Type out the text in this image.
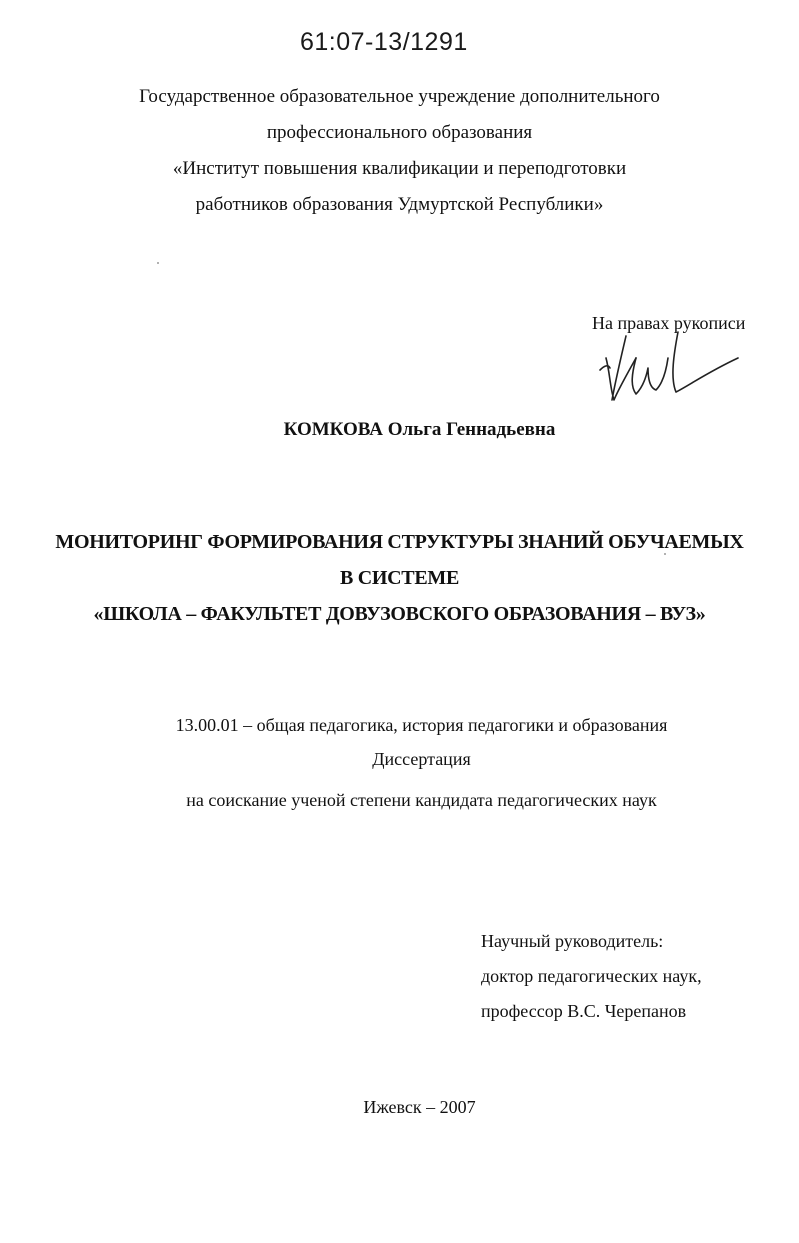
61:07-13/1291
Государственное образовательное учреждение дополнительного
профессионального образования
«Институт повышения квалификации и переподготовки
работников образования Удмуртской Республики»
На правах рукописи
КОМКОВА Ольга Геннадьевна
МОНИТОРИНГ ФОРМИРОВАНИЯ СТРУКТУРЫ ЗНАНИЙ ОБУЧАЕМЫХ
В СИСТЕМЕ
«ШКОЛА – ФАКУЛЬТЕТ ДОВУЗОВСКОГО ОБРАЗОВАНИЯ – ВУЗ»
13.00.01 – общая педагогика, история педагогики и образования
Диссертация
на соискание ученой степени кандидата педагогических наук
Научный руководитель:
доктор педагогических наук,
профессор В.С. Черепанов
Ижевск – 2007
